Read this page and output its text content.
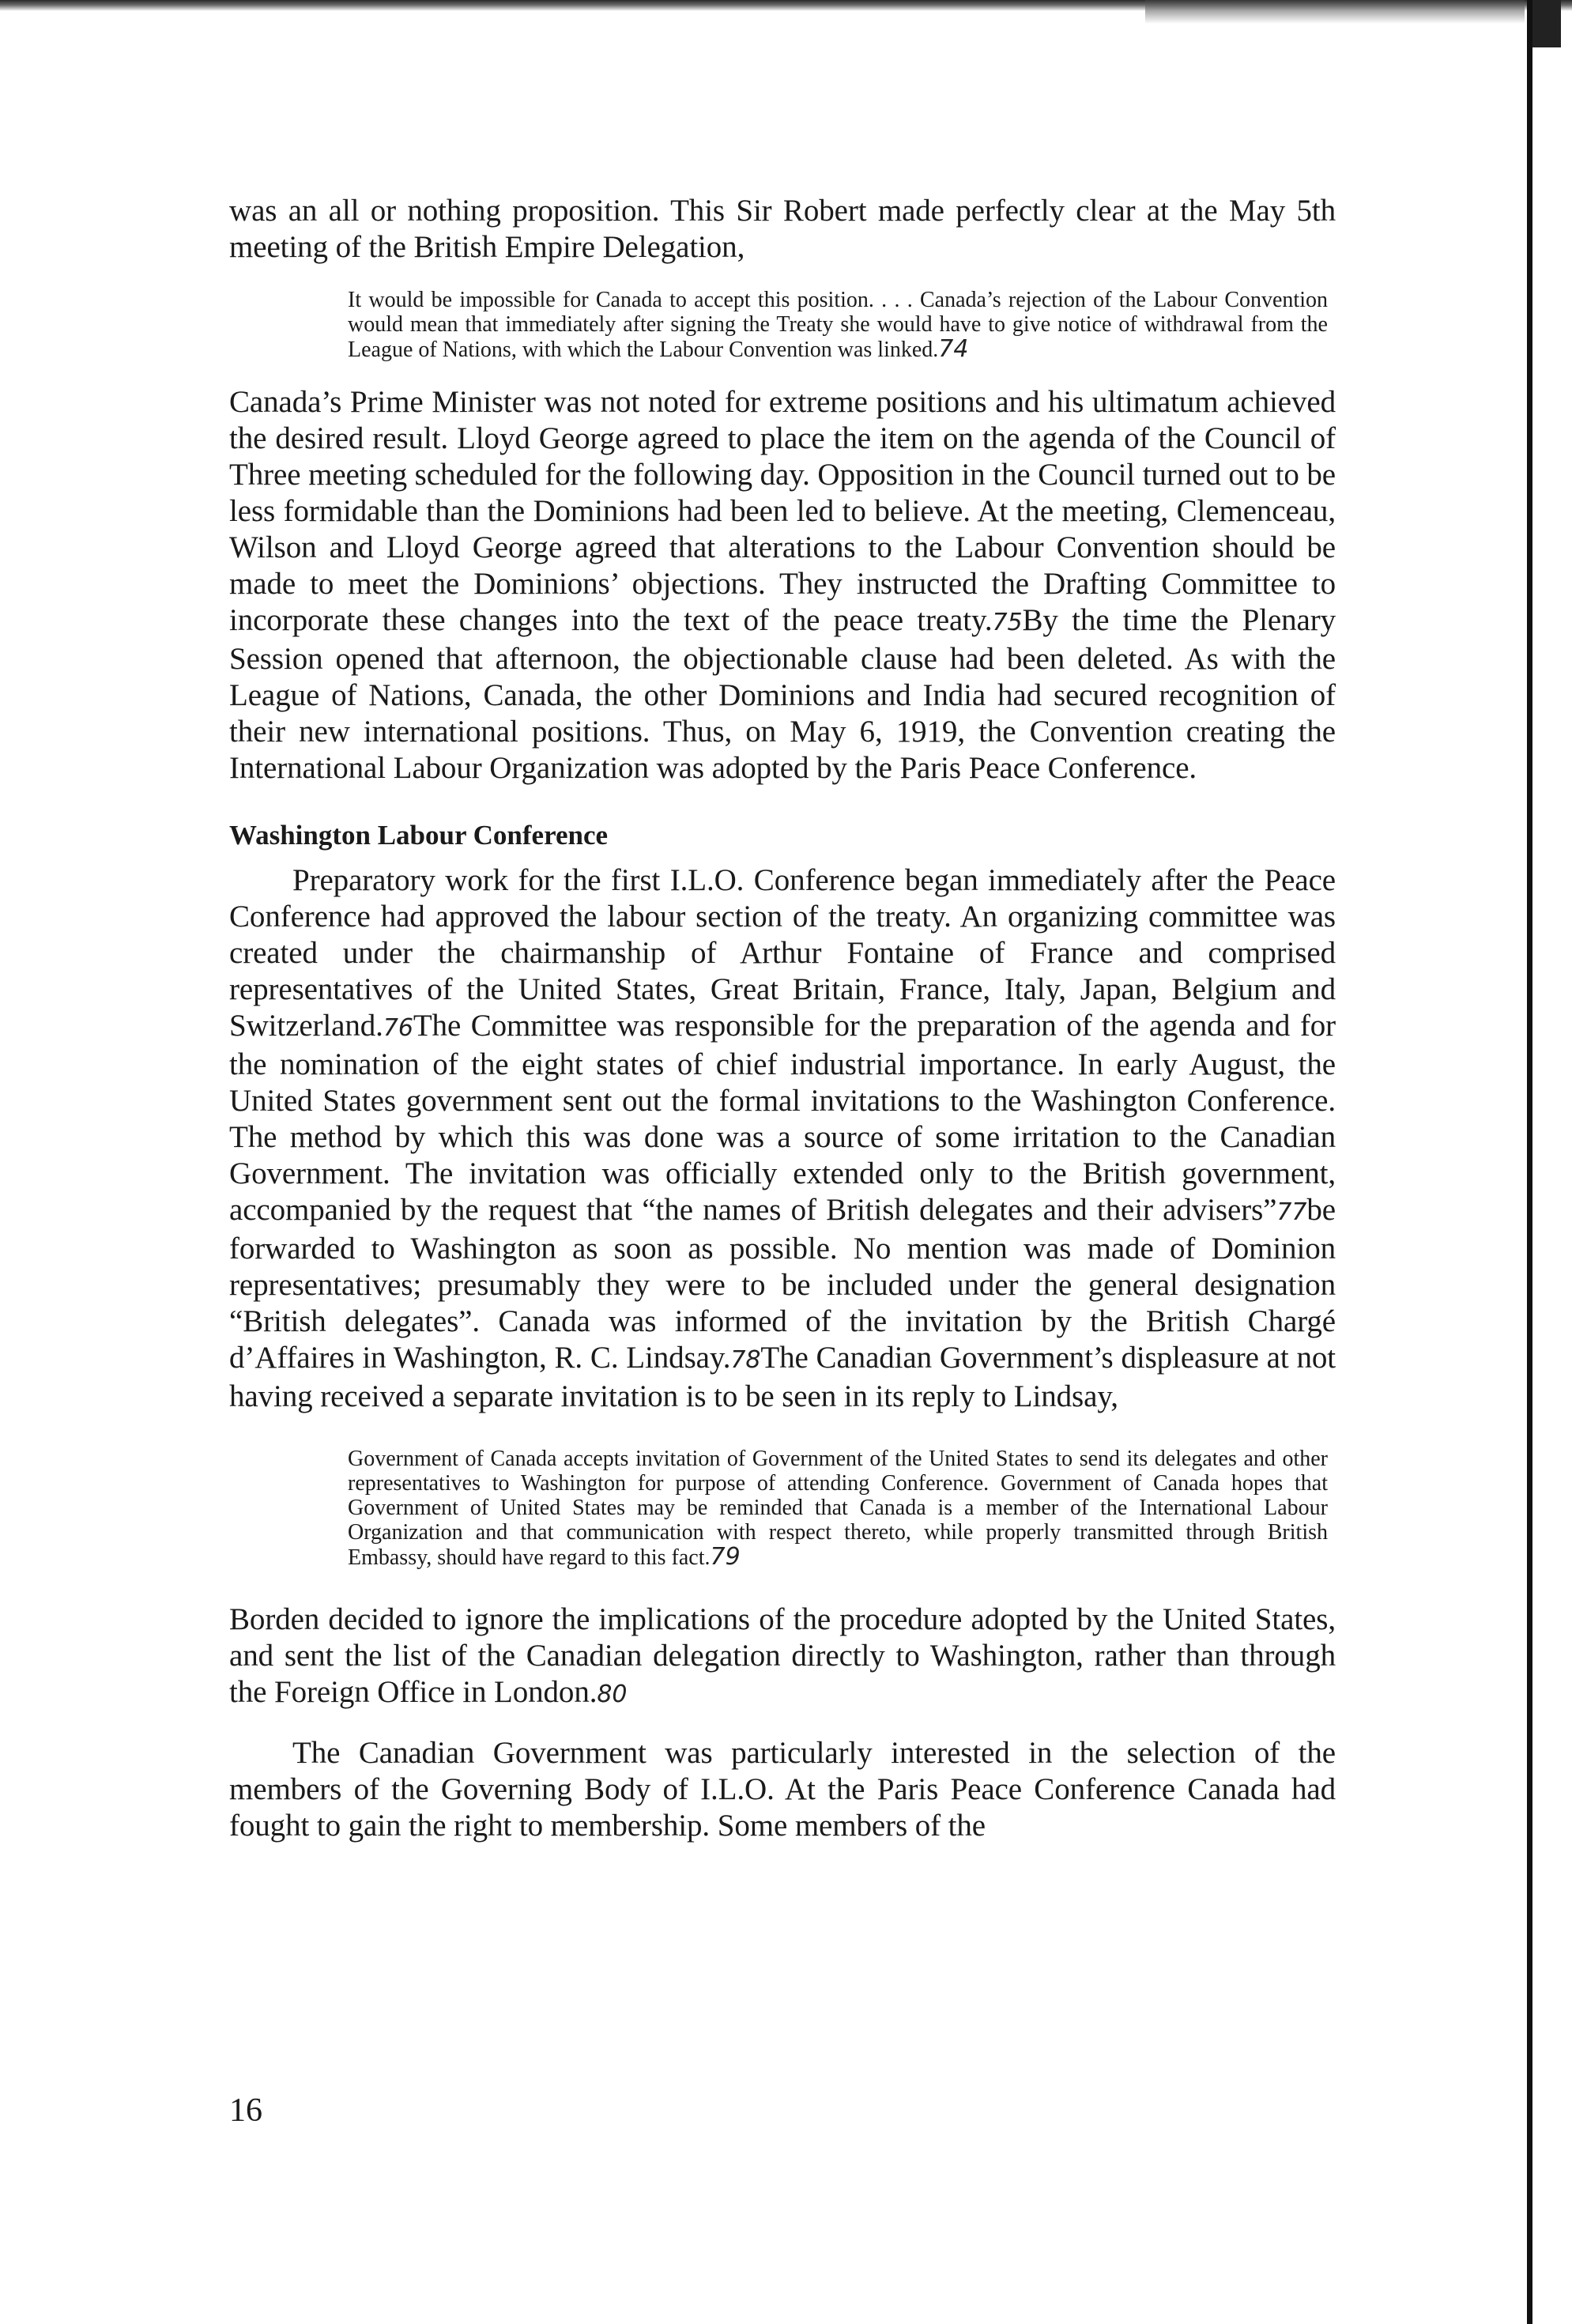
was an all or nothing proposition. This Sir Robert made perfectly clear at the May 5th meeting of the British Empire Delegation,

It would be impossible for Canada to accept this position. . . . Canada’s rejection of the Labour Convention would mean that immediately after signing the Treaty she would have to give notice of withdrawal from the League of Nations, with which the Labour Convention was linked.74

Canada’s Prime Minister was not noted for extreme positions and his ultimatum achieved the desired result. Lloyd George agreed to place the item on the agenda of the Council of Three meeting scheduled for the following day. Opposition in the Council turned out to be less formidable than the Dominions had been led to believe. At the meeting, Clemenceau, Wilson and Lloyd George agreed that alterations to the Labour Convention should be made to meet the Dominions’ objections. They instructed the Drafting Committee to incorporate these changes into the text of the peace treaty.75By the time the Plenary Session opened that afternoon, the objectionable clause had been deleted. As with the League of Nations, Canada, the other Dominions and India had secured recognition of their new international positions. Thus, on May 6, 1919, the Convention creating the International Labour Organization was adopted by the Paris Peace Conference.

Washington Labour Conference

Preparatory work for the first I.L.O. Conference began immediately after the Peace Conference had approved the labour section of the treaty. An organizing committee was created under the chairmanship of Arthur Fontaine of France and comprised representatives of the United States, Great Britain, France, Italy, Japan, Belgium and Switzerland.76The Committee was responsible for the preparation of the agenda and for the nomination of the eight states of chief industrial importance. In early August, the United States government sent out the formal invitations to the Washington Conference. The method by which this was done was a source of some irritation to the Canadian Government. The invitation was officially extended only to the British government, accompanied by the request that “the names of British delegates and their advisers”77be forwarded to Washington as soon as possible. No mention was made of Dominion representatives; presumably they were to be included under the general designation “British delegates”. Canada was informed of the invitation by the British Chargé d’Affaires in Washington, R. C. Lindsay.78The Canadian Government’s displeasure at not having received a separate invitation is to be seen in its reply to Lindsay,

Government of Canada accepts invitation of Government of the United States to send its delegates and other representatives to Washington for purpose of attending Conference. Government of Canada hopes that Government of United States may be reminded that Canada is a member of the International Labour Organization and that communication with respect thereto, while properly transmitted through British Embassy, should have regard to this fact.79

Borden decided to ignore the implications of the procedure adopted by the United States, and sent the list of the Canadian delegation directly to Washington, rather than through the Foreign Office in London.80

The Canadian Government was particularly interested in the selection of the members of the Governing Body of I.L.O. At the Paris Peace Conference Canada had fought to gain the right to membership. Some members of the

16
